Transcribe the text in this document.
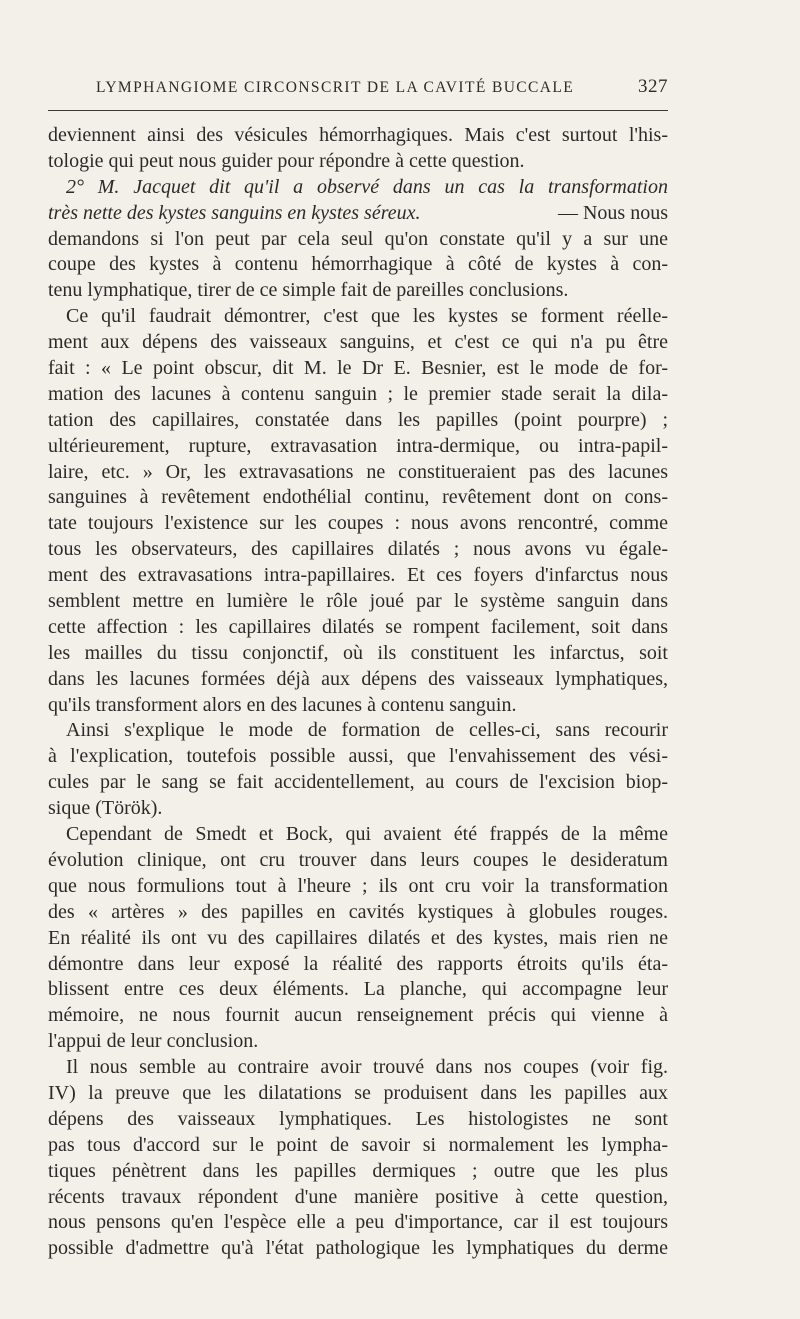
LYMPHANGIOME CIRCONSCRIT DE LA CAVITÉ BUCCALE	327
deviennent ainsi des vésicules hémorrhagiques. Mais c'est surtout l'his-
tologie qui peut nous guider pour répondre à cette question.
2° M. Jacquet dit qu'il a observé dans un cas la transformation
très nette des kystes sanguins en kystes séreux.	— Nous nous
demandons si l'on peut par cela seul qu'on constate qu'il y a sur une
coupe des kystes à contenu hémorrhagique à côté de kystes à con-
tenu lymphatique, tirer de ce simple fait de pareilles conclusions.
Ce qu'il faudrait démontrer, c'est que les kystes se forment réelle-
ment aux dépens des vaisseaux sanguins, et c'est ce qui n'a pu être
fait : « Le point obscur, dit M. le Dr E. Besnier, est le mode de for-
mation des lacunes à contenu sanguin ; le premier stade serait la dila-
tation des capillaires, constatée dans les papilles (point pourpre) ;
ultérieurement, rupture, extravasation intra-dermique, ou intra-papil-
laire, etc. » Or, les extravasations ne constitueraient pas des lacunes
sanguines à revêtement endothélial continu, revêtement dont on cons-
tate toujours l'existence sur les coupes : nous avons rencontré, comme
tous les observateurs, des capillaires dilatés ; nous avons vu égale-
ment des extravasations intra-papillaires. Et ces foyers d'infarctus nous
semblent mettre en lumière le rôle joué par le système sanguin dans
cette affection : les capillaires dilatés se rompent facilement, soit dans
les mailles du tissu conjonctif, où ils constituent les infarctus, soit
dans les lacunes formées déjà aux dépens des vaisseaux lymphatiques,
qu'ils transforment alors en des lacunes à contenu sanguin.
Ainsi s'explique le mode de formation de celles-ci, sans recourir
à l'explication, toutefois possible aussi, que l'envahissement des vési-
cules par le sang se fait accidentellement, au cours de l'excision biop-
sique (Török).
Cependant de Smedt et Bock, qui avaient été frappés de la même
évolution clinique, ont cru trouver dans leurs coupes le desideratum
que nous formulions tout à l'heure ; ils ont cru voir la transformation
des « artères » des papilles en cavités kystiques à globules rouges.
En réalité ils ont vu des capillaires dilatés et des kystes, mais rien ne
démontre dans leur exposé la réalité des rapports étroits qu'ils éta-
blissent entre ces deux éléments. La planche, qui accompagne leur
mémoire, ne nous fournit aucun renseignement précis qui vienne à
l'appui de leur conclusion.
Il nous semble au contraire avoir trouvé dans nos coupes (voir fig.
IV) la preuve que les dilatations se produisent dans les papilles aux
dépens des vaisseaux lymphatiques. Les histologistes ne sont
pas tous d'accord sur le point de savoir si normalement les lympha-
tiques pénètrent dans les papilles dermiques ; outre que les plus
récents travaux répondent d'une manière positive à cette question,
nous pensons qu'en l'espèce elle a peu d'importance, car il est toujours
possible d'admettre qu'à l'état pathologique les lymphatiques du derme
